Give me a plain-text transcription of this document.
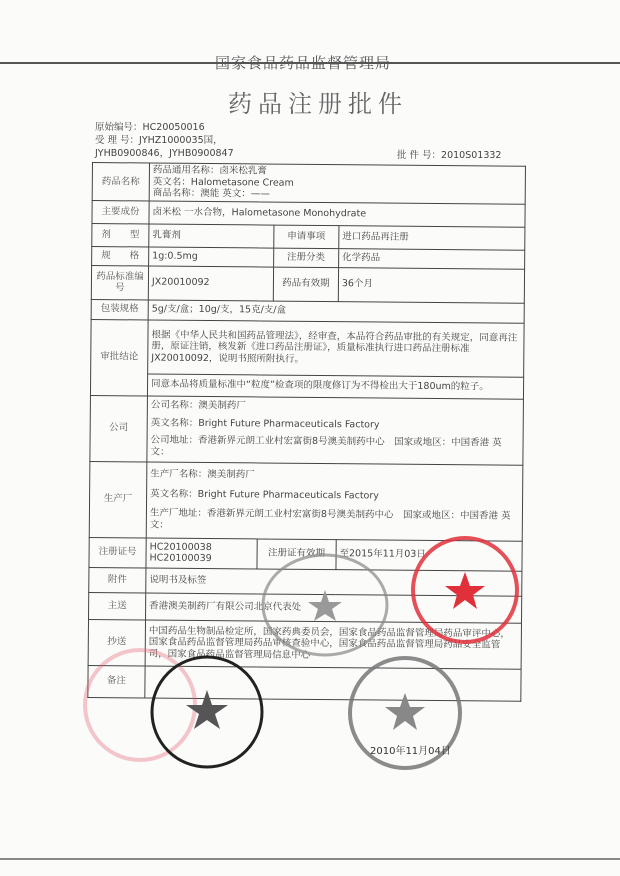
国家食品药品监督管理局
药品注册批件
原始编号：HC20050016
受 理 号：JYHZ1000035国，
JYHB0900846，JYHB0900847	批 件 号：2010S01332
药品名称	药品通用名称：卤米松乳膏
英文名：Halometasone Cream
商品名称：澳能 英文：——			

主要成份	卤米松 一水合物，Halometasone Monohydrate			
剂　　型	乳膏剂		申请事项	进口药品再注册
规　　格	1g:0.5mg		注册分类	化学药品
药品标准编号	JX20010092		药品有效期	36个月
包装规格	5g/支/盒；10g/支，15克/支/盒			
审批结论	根据《中华人民共和国药品管理法》，经审查，本品符合药品审批的有关规定，同意再注册，原证注销，核发新《进口药品注册证》，质量标准执行进口药品注册标准JX20010092，说明书照所附执行。			
	同意本品将质量标准中“粒度”检查项的限度修订为不得检出大于180um的粒子。			
公司	公司名称：澳美制药厂
英文名称：Bright Future Pharmaceuticals Factory
公司地址：香港新界元朗工业村宏富街8号澳美制药中心　国家或地区：中国香港 英文：			

生产厂	生产厂名称：澳美制药厂
英文名称：Bright Future Pharmaceuticals Factory
生产厂地址：香港新界元朗工业村宏富街8号澳美制药中心　国家或地区：中国香港 英文：			

注册证号	HC20100038
HC20100039	注册证有效期		至2015年11月03日
附件	说明书及标签			
主送	香港澳美制药厂有限公司北京代表处			
抄送	中国药品生物制品检定所，国家药典委员会，国家食品药品监督管理局药品审评中心，国家食品药品监督管理局药品审核查验中心，国家食品药品监督管理局药品安全监管司，国家食品药品监督管理局信息中心			
备注				
2010年11月04日
